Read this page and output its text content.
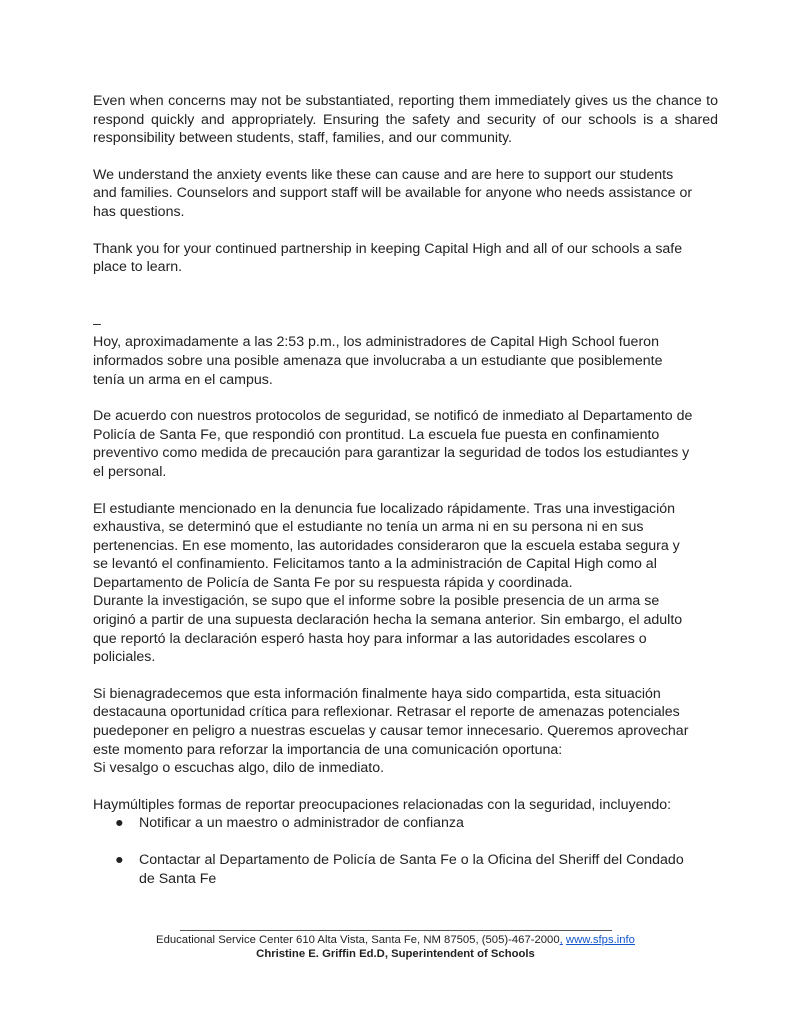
Even when concerns may not be substantiated, reporting them immediately gives us the chance to respond quickly and appropriately. Ensuring the safety and security of our schools is a shared responsibility between students, staff, families, and our community.

We understand the anxiety events like these can cause and are here to support our students
and families. Counselors and support staff will be available for anyone who needs assistance or
has questions.

Thank you for your continued partnership in keeping Capital High and all of our schools a safe
place to learn.

–

Hoy, aproximadamente a las 2:53 p.m., los administradores de Capital High School fueron
informados sobre una posible amenaza que involucraba a un estudiante que posiblemente
tenía un arma en el campus.

De acuerdo con nuestros protocolos de seguridad, se notificó de inmediato al Departamento de
Policía de Santa Fe, que respondió con prontitud. La escuela fue puesta en confinamiento
preventivo como medida de precaución para garantizar la seguridad de todos los estudiantes y
el personal.

El estudiante mencionado en la denuncia fue localizado rápidamente. Tras una investigación
exhaustiva, se determinó que el estudiante no tenía un arma ni en su persona ni en sus
pertenencias. En ese momento, las autoridades consideraron que la escuela estaba segura y
se levantó el confinamiento. Felicitamos tanto a la administración de Capital High como al
Departamento de Policía de Santa Fe por su respuesta rápida y coordinada.
Durante la investigación, se supo que el informe sobre la posible presencia de un arma se
originó a partir de una supuesta declaración hecha la semana anterior. Sin embargo, el adulto
que reportó la declaración esperó hasta hoy para informar a las autoridades escolares o
policiales.

Si bienagradecemos que esta información finalmente haya sido compartida, esta situación
destacauna oportunidad crítica para reflexionar. Retrasar el reporte de amenazas potenciales
puedeponer en peligro a nuestras escuelas y causar temor innecesario. Queremos aprovechar
este momento para reforzar la importancia de una comunicación oportuna:
Si vesalgo o escuchas algo, dilo de inmediato.

Haymúltiples formas de reportar preocupaciones relacionadas con la seguridad, incluyendo:

● Notificar a un maestro o administrador de confianza
● Contactar al Departamento de Policía de Santa Fe o la Oficina del Sheriff del Condado
de Santa Fe
Educational Service Center 610 Alta Vista, Santa Fe, NM 87505, (505)-467-2000, www.sfps.info
Christine E. Griffin Ed.D, Superintendent of Schools
